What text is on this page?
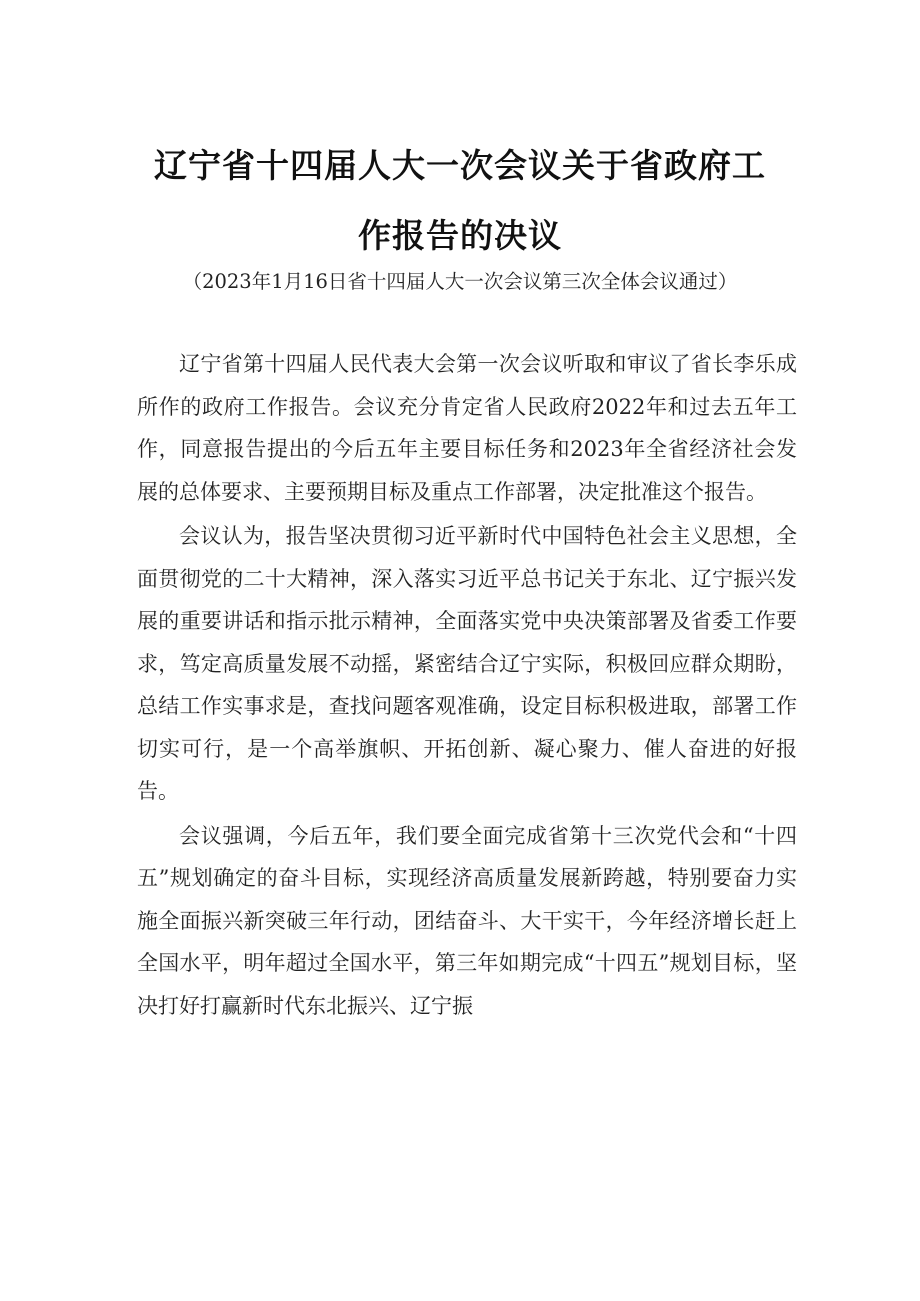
辽宁省十四届人大一次会议关于省政府工
作报告的决议
（2023年1月16日省十四届人大一次会议第三次全体会议通过）

辽宁省第十四届人民代表大会第一次会议听取和审议了省长李乐成所作的政府工作报告。会议充分肯定省人民政府2022年和过去五年工作，同意报告提出的今后五年主要目标任务和2023年全省经济社会发展的总体要求、主要预期目标及重点工作部署，决定批准这个报告。

会议认为，报告坚决贯彻习近平新时代中国特色社会主义思想，全面贯彻党的二十大精神，深入落实习近平总书记关于东北、辽宁振兴发展的重要讲话和指示批示精神，全面落实党中央决策部署及省委工作要求，笃定高质量发展不动摇，紧密结合辽宁实际，积极回应群众期盼，总结工作实事求是，查找问题客观准确，设定目标积极进取，部署工作切实可行，是一个高举旗帜、开拓创新、凝心聚力、催人奋进的好报告。

会议强调，今后五年，我们要全面完成省第十三次党代会和“十四五”规划确定的奋斗目标，实现经济高质量发展新跨越，特别要奋力实施全面振兴新突破三年行动，团结奋斗、大干实干，今年经济增长赶上全国水平，明年超过全国水平，第三年如期完成“十四五”规划目标，坚决打好打赢新时代东北振兴、辽宁振
